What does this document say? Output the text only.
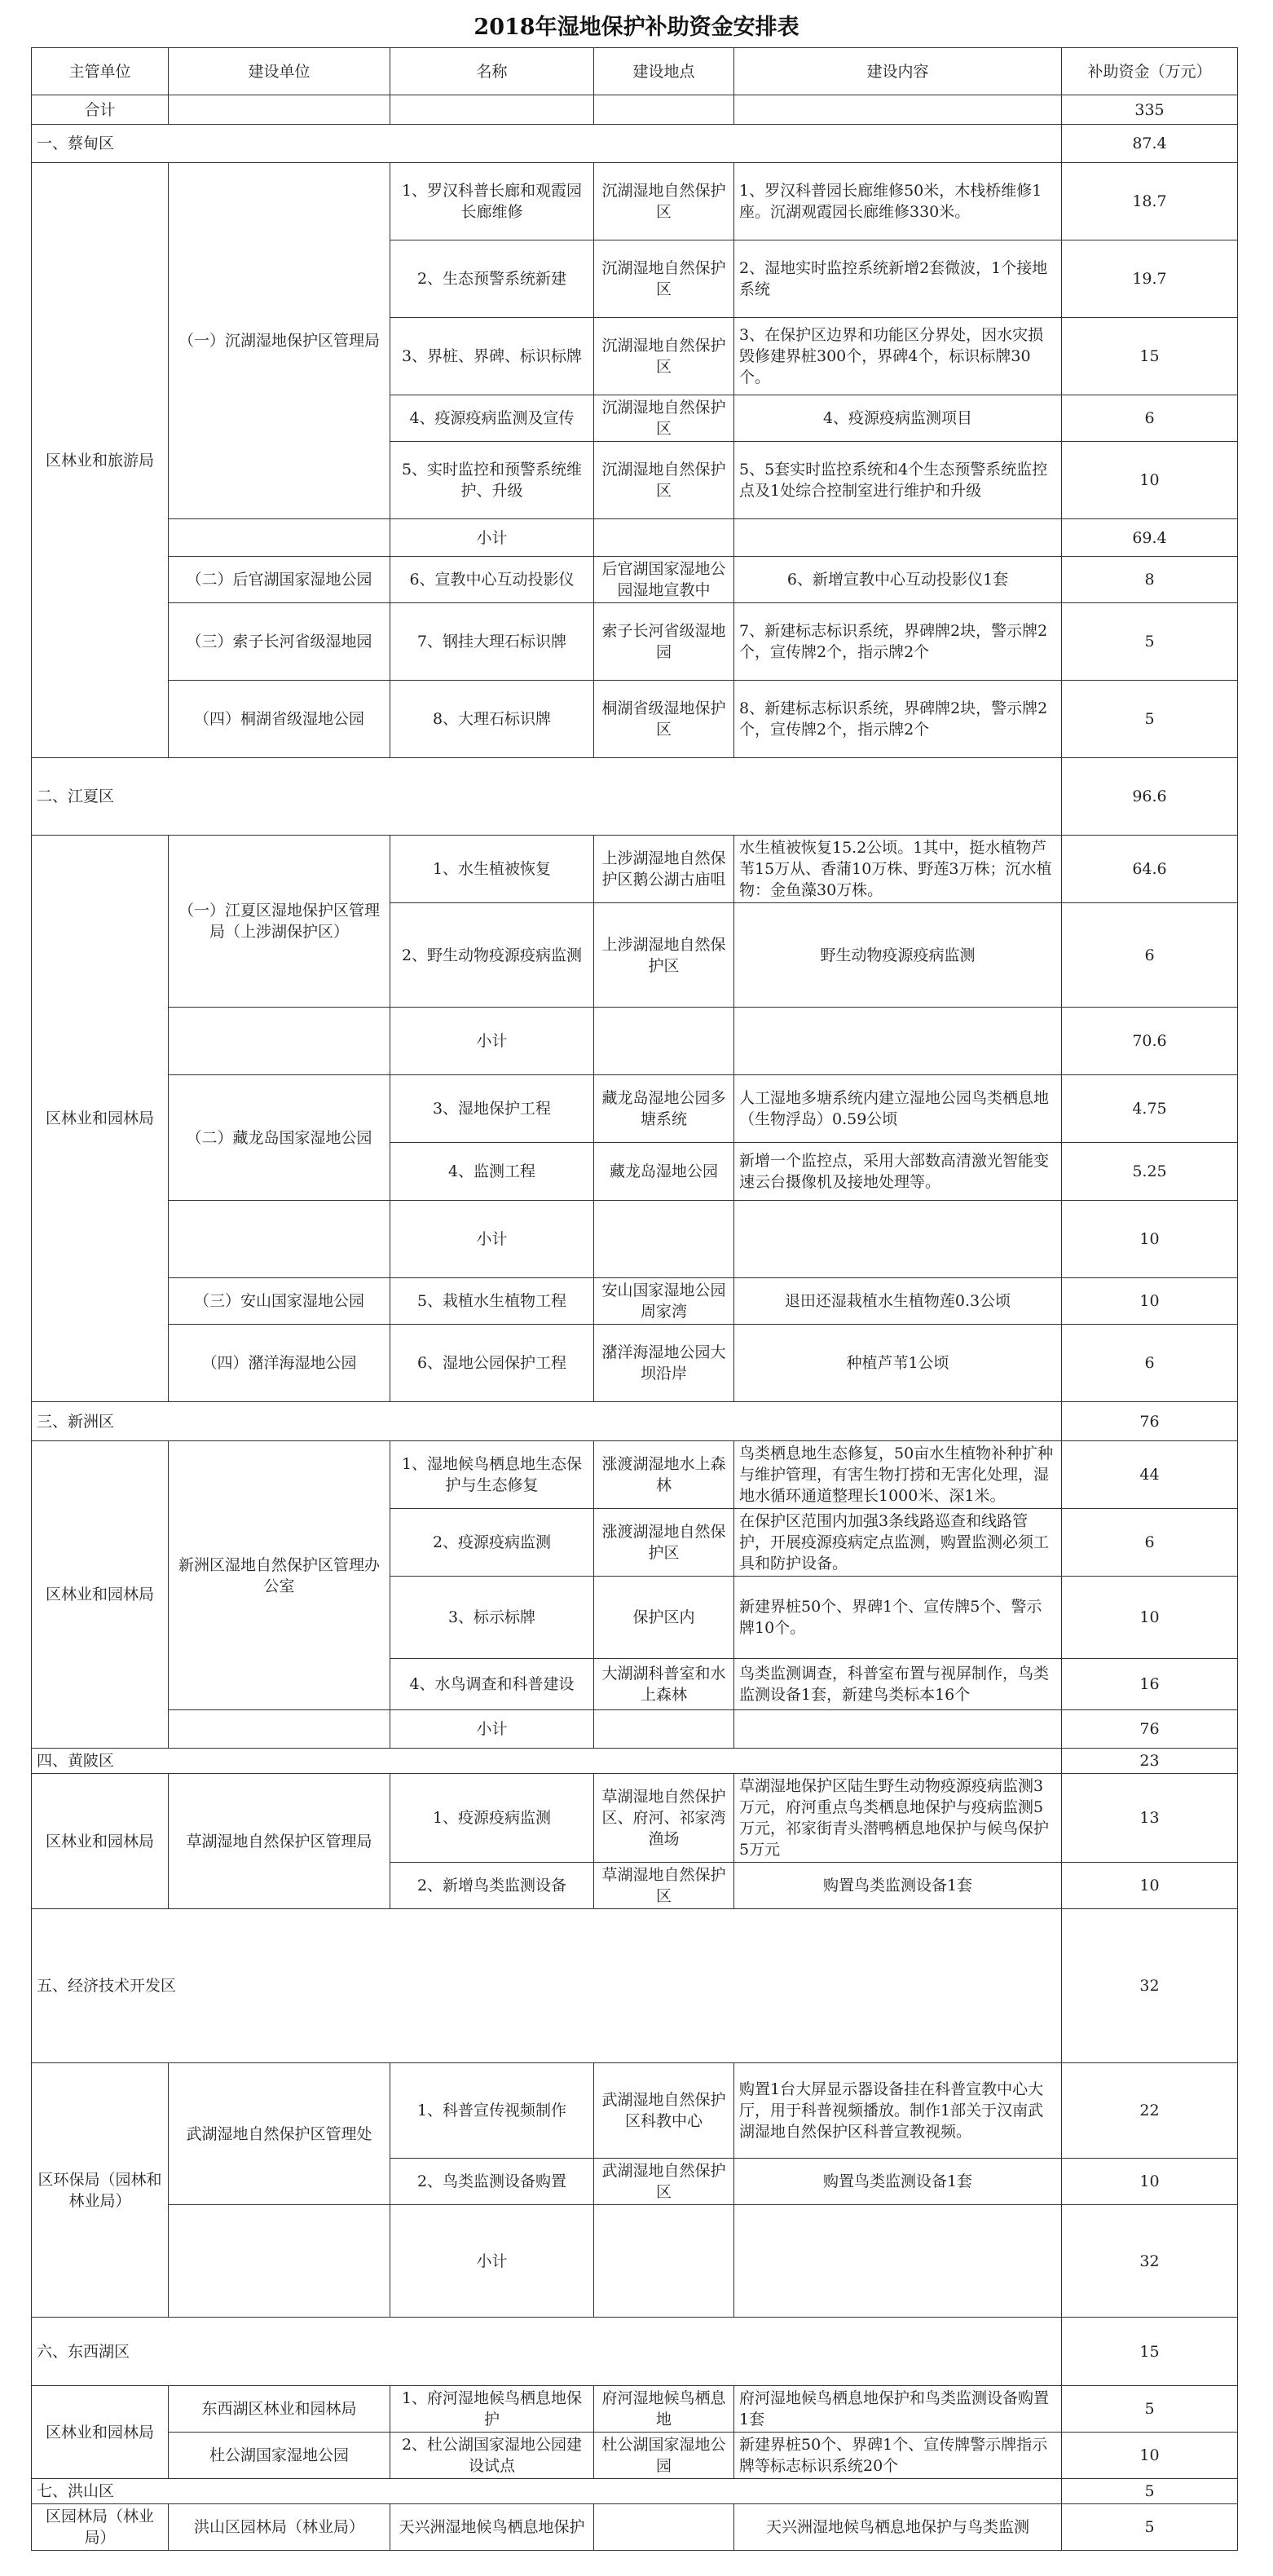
2018年湿地保护补助资金安排表
主管单位	建设单位	名称	建设地点	建设内容	补助资金（万元）
合计					335
一、蔡甸区					87.4
区林业和旅游局	（一）沉湖湿地保护区管理局	1、罗汉科普长廊和观霞园长廊维修	沉湖湿地自然保护区	1、罗汉科普园长廊维修50米，木栈桥维修1座。沉湖观霞园长廊维修330米。	18.7
		2、生态预警系统新建	沉湖湿地自然保护区	2、湿地实时监控系统新增2套微波，1个接地系统	19.7
		3、界桩、界碑、标识标牌	沉湖湿地自然保护区	3、在保护区边界和功能区分界处，因水灾损毁修建界桩300个，界碑4个，标识标牌30个。	15
		4、疫源疫病监测及宣传	沉湖湿地自然保护区	4、疫源疫病监测项目	6
		5、实时监控和预警系统维护、升级	沉湖湿地自然保护区	5、5套实时监控系统和4个生态预警系统监控点及1处综合控制室进行维护和升级	10
		小计			69.4
	（二）后官湖国家湿地公园	6、宣教中心互动投影仪	后官湖国家湿地公园湿地宣教中	6、新增宣教中心互动投影仪1套	8
	（三）索子长河省级湿地园	7、钢挂大理石标识牌	索子长河省级湿地园	7、新建标志标识系统，界碑牌2块，警示牌2个，宣传牌2个，指示牌2个	5
	（四）桐湖省级湿地公园	8、大理石标识牌	桐湖省级湿地保护区	8、新建标志标识系统，界碑牌2块，警示牌2个，宣传牌2个，指示牌2个	5
二、江夏区					96.6
区林业和园林局	（一）江夏区湿地保护区管理局（上涉湖保护区）	1、水生植被恢复	上涉湖湿地自然保护区鹅公湖古庙咀	水生植被恢复15.2公顷。1其中，挺水植物芦苇15万从、香蒲10万株、野莲3万株；沉水植物：金鱼藻30万株。	64.6
		2、野生动物疫源疫病监测	上涉湖湿地自然保护区	野生动物疫源疫病监测	6
		小计			70.6
	（二）藏龙岛国家湿地公园	3、湿地保护工程	藏龙岛湿地公园多塘系统	人工湿地多塘系统内建立湿地公园鸟类栖息地（生物浮岛）0.59公顷	4.75
		4、监测工程	藏龙岛湿地公园	新增一个监控点，采用大部数高清激光智能变速云台摄像机及接地处理等。	5.25
		小计			10
	（三）安山国家湿地公园	5、栽植水生植物工程	安山国家湿地公园周家湾	退田还湿栽植水生植物莲0.3公顷	10
	（四）潴洋海湿地公园	6、湿地公园保护工程	潴洋海湿地公园大坝沿岸	种植芦苇1公顷	6
三、新洲区					76
区林业和园林局	新洲区湿地自然保护区管理办公室	1、湿地候鸟栖息地生态保护与生态修复	涨渡湖湿地水上森林	鸟类栖息地生态修复，50亩水生植物补种扩种与维护管理，有害生物打捞和无害化处理，湿地水循环通道整理长1000米、深1米。	44
		2、疫源疫病监测	涨渡湖湿地自然保护区	在保护区范围内加强3条线路巡查和线路管护，开展疫源疫病定点监测，购置监测必须工具和防护设备。	6
		3、标示标牌	保护区内	新建界桩50个、界碑1个、宣传牌5个、警示牌10个。	10
		4、水鸟调查和科普建设	大湖湖科普室和水上森林	鸟类监测调查，科普室布置与视屏制作，鸟类监测设备1套，新建鸟类标本16个	16
		小计			76
四、黄陂区					23
区林业和园林局	草湖湿地自然保护区管理局	1、疫源疫病监测	草湖湿地自然保护区、府河、祁家湾渔场	草湖湿地保护区陆生野生动物疫源疫病监测3万元，府河重点鸟类栖息地保护与疫病监测5万元，祁家街青头潜鸭栖息地保护与候鸟保护5万元	13
		2、新增鸟类监测设备	草湖湿地自然保护区	购置鸟类监测设备1套	10
五、经济技术开发区					32
区环保局（园林和林业局）	武湖湿地自然保护区管理处	1、科普宣传视频制作	武湖湿地自然保护区科教中心	购置1台大屏显示器设备挂在科普宣教中心大厅，用于科普视频播放。制作1部关于汉南武湖湿地自然保护区科普宣教视频。	22
		2、鸟类监测设备购置	武湖湿地自然保护区	购置鸟类监测设备1套	10
		小计			32
六、东西湖区					15
区林业和园林局	东西湖区林业和园林局	1、府河湿地候鸟栖息地保护	府河湿地候鸟栖息地	府河湿地候鸟栖息地保护和鸟类监测设备购置1套	5
	杜公湖国家湿地公园	2、杜公湖国家湿地公园建设试点	杜公湖国家湿地公园	新建界桩50个、界碑1个、宣传牌警示牌指示牌等标志标识系统20个	10
七、洪山区					5
区园林局（林业局）	洪山区园林局（林业局）	天兴洲湿地候鸟栖息地保护		天兴洲湿地候鸟栖息地保护与鸟类监测	5
